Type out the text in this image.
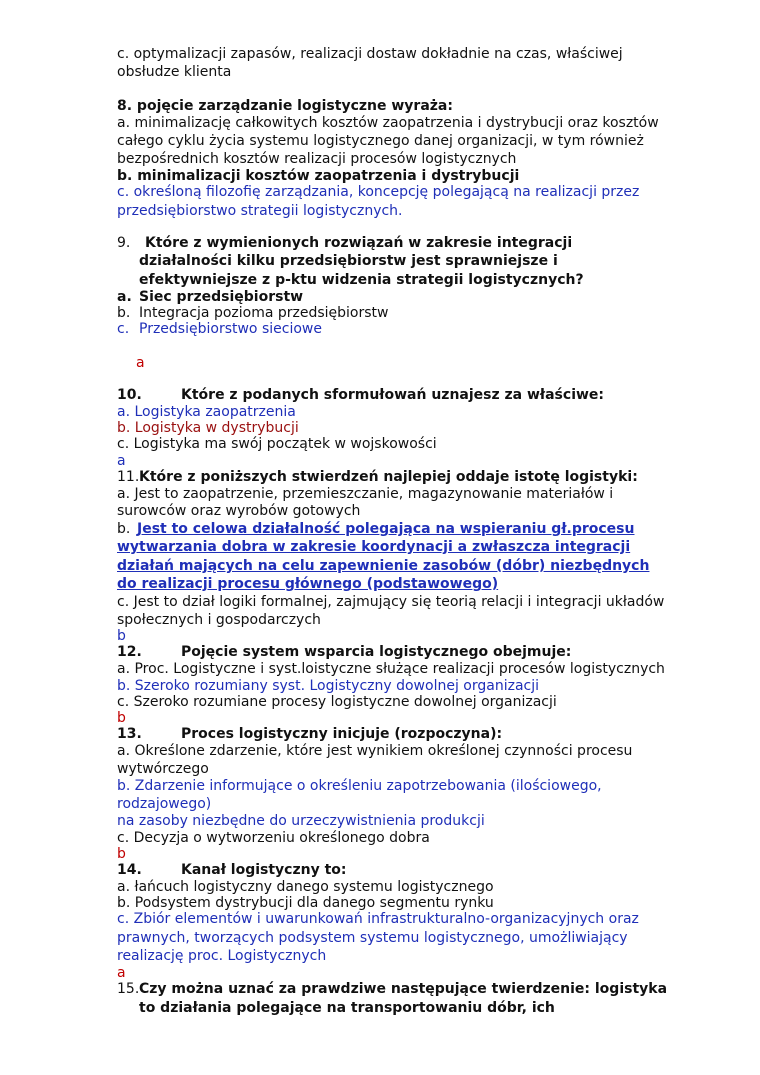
c. optymalizacji zapasów, realizacji dostaw dokładnie na czas, właściwej
obsłudze klienta
8. pojęcie zarządzanie logistyczne wyraża:
a. minimalizację całkowitych kosztów zaopatrzenia i dystrybucji oraz kosztów
całego cyklu życia systemu logistycznego danej organizacji, w tym również
bezpośrednich kosztów realizacji procesów logistycznych
b. minimalizacji kosztów zaopatrzenia i dystrybucji
c. określoną filozofię zarządzania, koncepcję polegającą na realizacji przez
przedsiębiorstwo strategii logistycznych.
9. Które z wymienionych rozwiązań w zakresie integracji
działalności kilku przedsiębiorstw jest sprawniejsze i
efektywniejsze z p-ktu widzenia strategii logistycznych?
a. Siec przedsiębiorstw
b. Integracja pozioma przedsiębiorstw
c. Przedsiębiorstwo sieciowe
a
10.	Które z podanych sformułowań uznajesz za właściwe:
a. Logistyka zaopatrzenia
b. Logistyka w dystrybucji
c. Logistyka ma swój początek w wojskowości
a
11. Które z poniższych stwierdzeń najlepiej oddaje istotę logistyki:
a. Jest to zaopatrzenie, przemieszczanie, magazynowanie materiałów i
surowców oraz wyrobów gotowych
b. Jest to celowa działalność polegająca na wspieraniu gł.procesu
wytwarzania dobra w zakresie koordynacji a zwłaszcza integracji
działań mających na celu zapewnienie zasobów (dóbr) niezbędnych
do realizacji procesu głównego (podstawowego)
c. Jest to dział logiki formalnej, zajmujący się teorią relacji i integracji układów
społecznych i gospodarczych
b
12.	Pojęcie system wsparcia logistycznego obejmuje:
a. Proc. Logistyczne i syst.loistyczne służące realizacji procesów logistycznych
b. Szeroko rozumiany syst. Logistyczny dowolnej organizacji
c. Szeroko rozumiane procesy logistyczne dowolnej organizacji
b
13.	Proces logistyczny inicjuje (rozpoczyna):
a. Określone zdarzenie, które jest wynikiem określonej czynności procesu
wytwórczego
b. Zdarzenie informujące o określeniu zapotrzebowania (ilościowego,
rodzajowego)
na zasoby niezbędne do urzeczywistnienia produkcji
c. Decyzja o wytworzeniu określonego dobra
b
14.	Kanał logistyczny to:
a. łańcuch logistyczny danego systemu logistycznego
b. Podsystem dystrybucji dla danego segmentu rynku
c. Zbiór elementów i uwarunkowań infrastrukturalno-organizacyjnych oraz
prawnych, tworzących podsystem systemu logistycznego, umożliwiający
realizację proc. Logistycznych
a
15. Czy można uznać za prawdziwe następujące twierdzenie: logistyka
to działania polegające na transportowaniu dóbr, ich
